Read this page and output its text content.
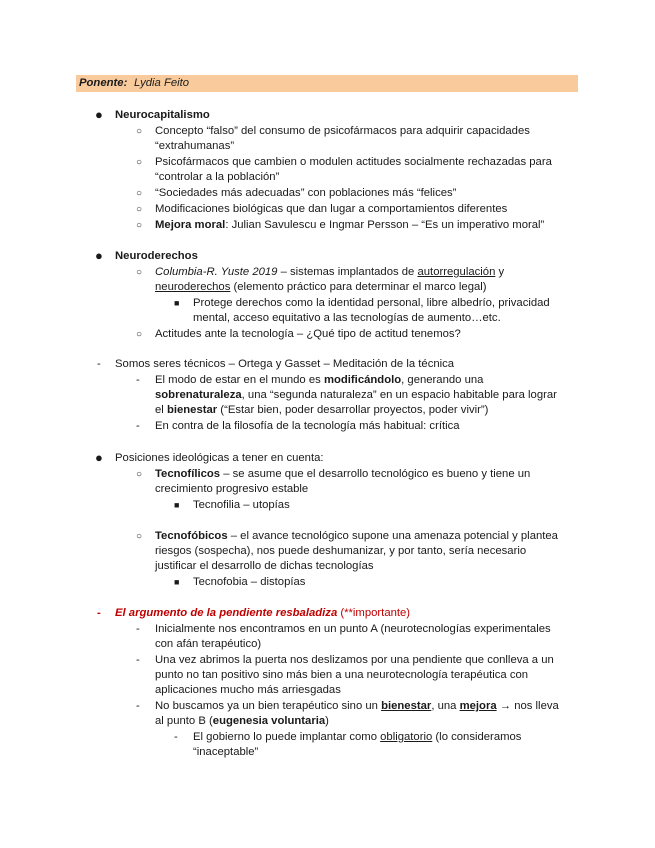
Ponente: Lydia Feito
● Neurocapitalismo
○ Concepto “falso” del consumo de psicofármacos para adquirir capacidades
“extrahumanas”
○ Psicofármacos que cambien o modulen actitudes socialmente rechazadas para
“controlar a la población”
○ “Sociedades más adecuadas” con poblaciones más “felices”
○ Modificaciones biológicas que dan lugar a comportamientos diferentes
○ Mejora moral: Julian Savulescu e Ingmar Persson – “Es un imperativo moral”
● Neuroderechos
○ Columbia-R. Yuste 2019 – sistemas implantados de autorregulación y
neuroderechos (elemento práctico para determinar el marco legal)
■ Protege derechos como la identidad personal, libre albedrío, privacidad
mental, acceso equitativo a las tecnologías de aumento…etc.
○ Actitudes ante la tecnología – ¿Qué tipo de actitud tenemos?
- Somos seres técnicos – Ortega y Gasset – Meditación de la técnica
- El modo de estar en el mundo es modificándolo, generando una
sobrenaturaleza, una “segunda naturaleza” en un espacio habitable para lograr
el bienestar (“Estar bien, poder desarrollar proyectos, poder vivir”)
- En contra de la filosofía de la tecnología más habitual: crítica
● Posiciones ideológicas a tener en cuenta:
○ Tecnofílicos – se asume que el desarrollo tecnológico es bueno y tiene un
crecimiento progresivo estable
■ Tecnofilia – utopías
○ Tecnofóbicos – el avance tecnológico supone una amenaza potencial y plantea
riesgos (sospecha), nos puede deshumanizar, y por tanto, sería necesario
justificar el desarrollo de dichas tecnologías
■ Tecnofobia – distopías
- El argumento de la pendiente resbaladiza (**importante)
- Inicialmente nos encontramos en un punto A (neurotecnologías experimentales
con afán terapéutico)
- Una vez abrimos la puerta nos deslizamos por una pendiente que conlleva a un
punto no tan positivo sino más bien a una neurotecnología terapéutica con
aplicaciones mucho más arriesgadas
- No buscamos ya un bien terapéutico sino un bienestar, una mejora → nos lleva
al punto B (eugenesia voluntaria)
- El gobierno lo puede implantar como obligatorio (lo consideramos
“inaceptable”
